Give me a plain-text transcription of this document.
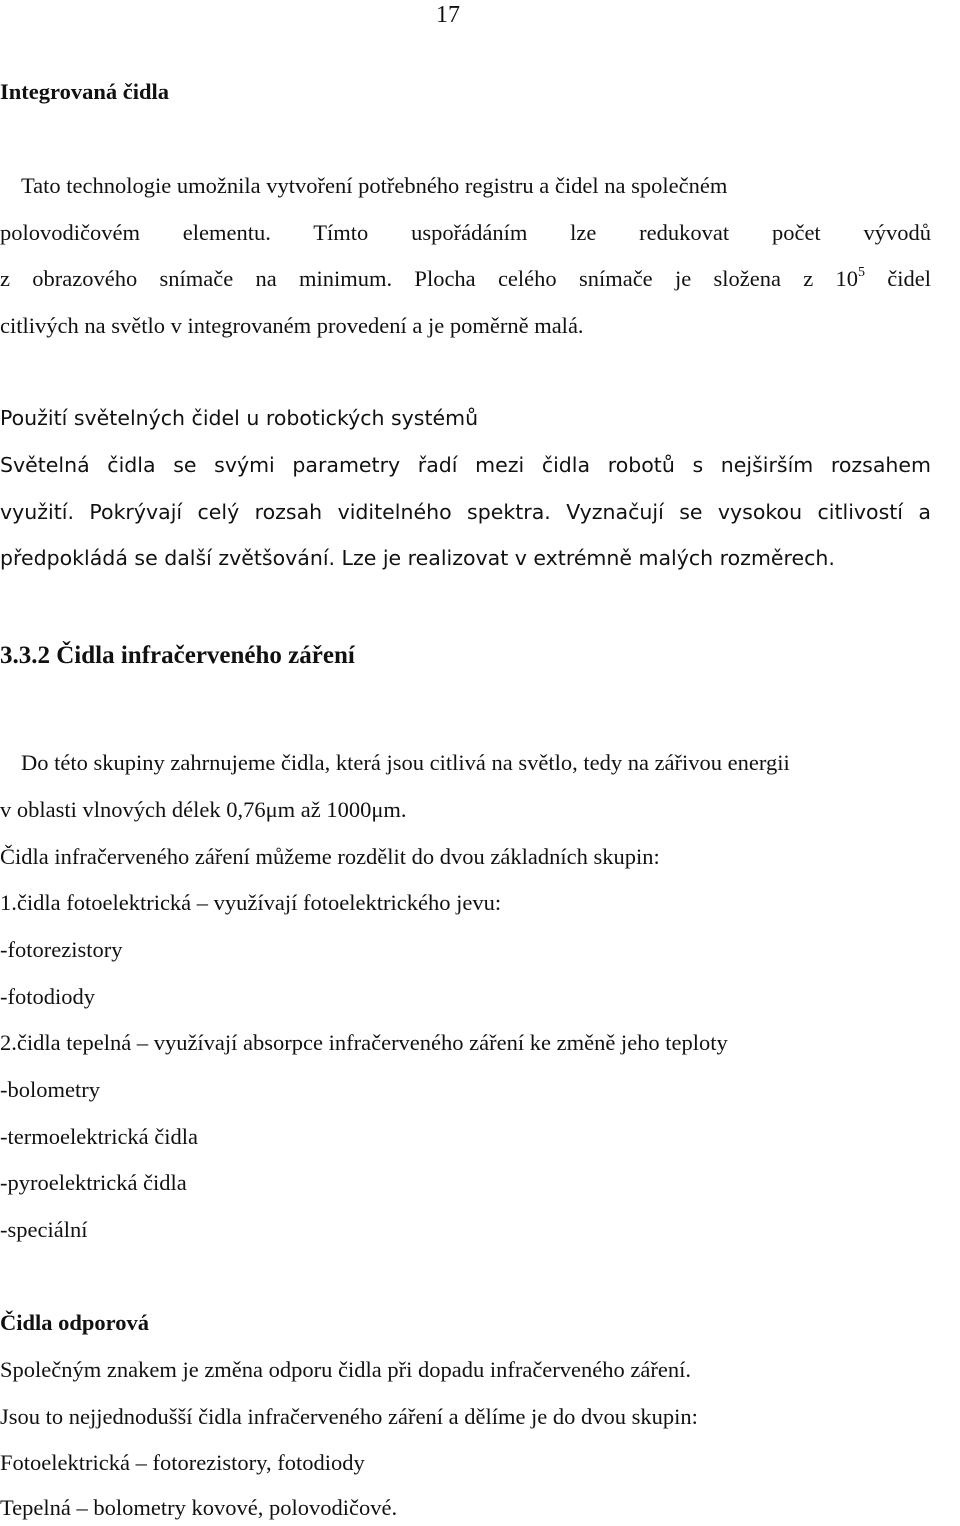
17
Integrovaná čidla
Tato technologie umožnila vytvoření potřebného registru a čidel na společném
polovodičovém elementu. Tímto uspořádáním lze redukovat počet vývodů
z obrazového snímače na minimum. Plocha celého snímače je složena z $10^5$ čidel
citlivých na světlo v integrovaném provedení a je poměrně malá.
Použití světelných čidel u robotických systémů
Světelná čidla se svými parametry řadí mezi čidla robotů s nejširším rozsahem
využití. Pokrývají celý rozsah viditelného spektra. Vyznačují se vysokou citlivostí a
předpokládá se další zvětšování. Lze je realizovat v extrémně malých rozměrech.
3.3.2 Čidla infračerveného záření
Do této skupiny zahrnujeme čidla, která jsou citlivá na světlo, tedy na zářivou energii
v oblasti vlnových délek 0,76μm až 1000μm.
Čidla infračerveného záření můžeme rozdělit do dvou základních skupin:
1.čidla fotoelektrická – využívají fotoelektrického jevu:
-fotorezistory
-fotodiody
2.čidla tepelná – využívají absorpce infračerveného záření ke změně jeho teploty
-bolometry
-termoelektrická čidla
-pyroelektrická čidla
-speciální
Čidla odporová
Společným znakem je změna odporu čidla při dopadu infračerveného záření.
Jsou to nejjednodušší čidla infračerveného záření a dělíme je do dvou skupin:
Fotoelektrická – fotorezistory, fotodiody
Tepelná – bolometry kovové, polovodičové.
